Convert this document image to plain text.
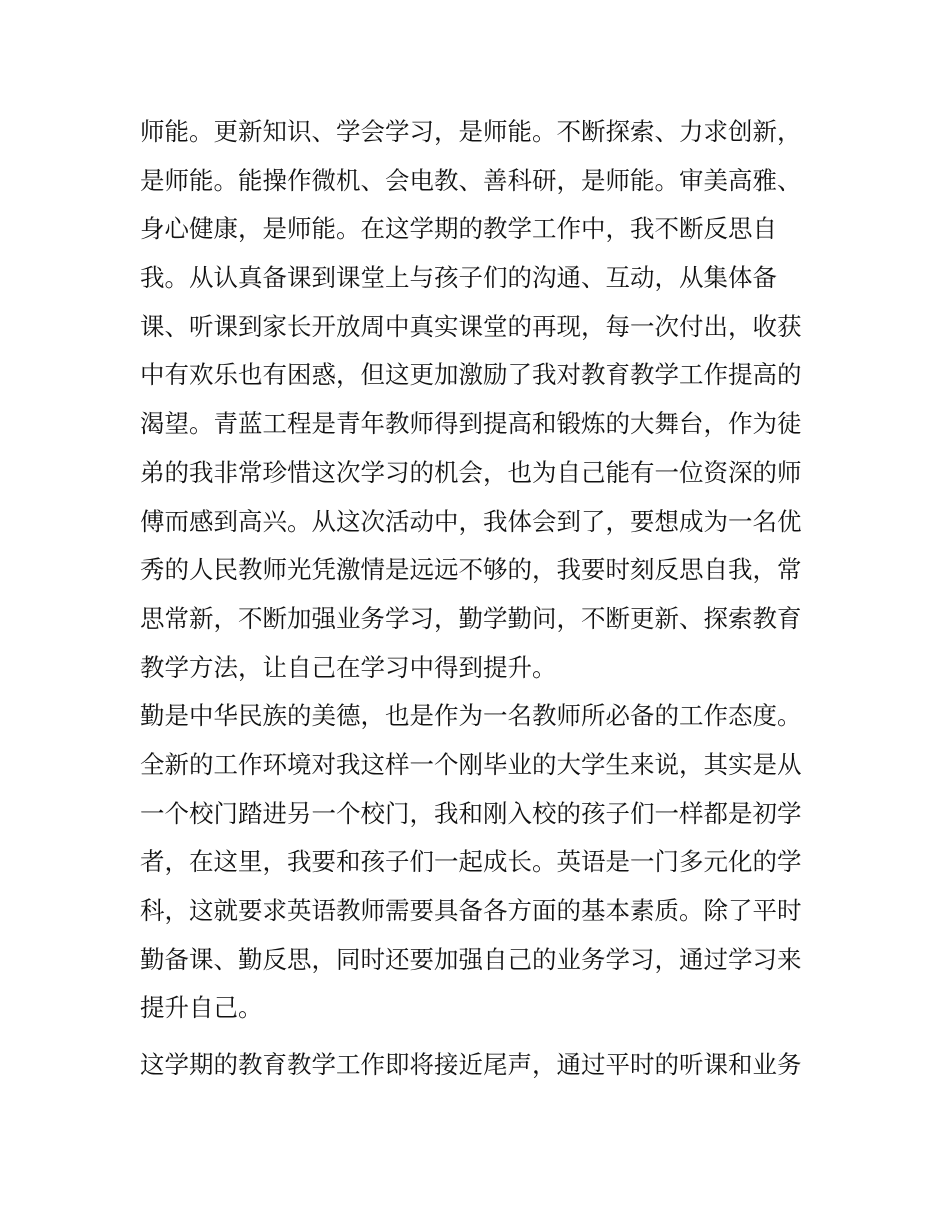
师能。更新知识、学会学习，是师能。不断探索、力求创新，
是师能。能操作微机、会电教、善科研，是师能。审美高雅、
身心健康，是师能。在这学期的教学工作中，我不断反思自
我。从认真备课到课堂上与孩子们的沟通、互动，从集体备
课、听课到家长开放周中真实课堂的再现，每一次付出，收获
中有欢乐也有困惑，但这更加激励了我对教育教学工作提高的
渴望。青蓝工程是青年教师得到提高和锻炼的大舞台，作为徒
弟的我非常珍惜这次学习的机会，也为自己能有一位资深的师
傅而感到高兴。从这次活动中，我体会到了，要想成为一名优
秀的人民教师光凭激情是远远不够的，我要时刻反思自我，常
思常新，不断加强业务学习，勤学勤问，不断更新、探索教育
教学方法，让自己在学习中得到提升。
勤是中华民族的美德，也是作为一名教师所必备的工作态度。
全新的工作环境对我这样一个刚毕业的大学生来说，其实是从
一个校门踏进另一个校门，我和刚入校的孩子们一样都是初学
者，在这里，我要和孩子们一起成长。英语是一门多元化的学
科，这就要求英语教师需要具备各方面的基本素质。除了平时
勤备课、勤反思，同时还要加强自己的业务学习，通过学习来
提升自己。
这学期的教育教学工作即将接近尾声，通过平时的听课和业务
